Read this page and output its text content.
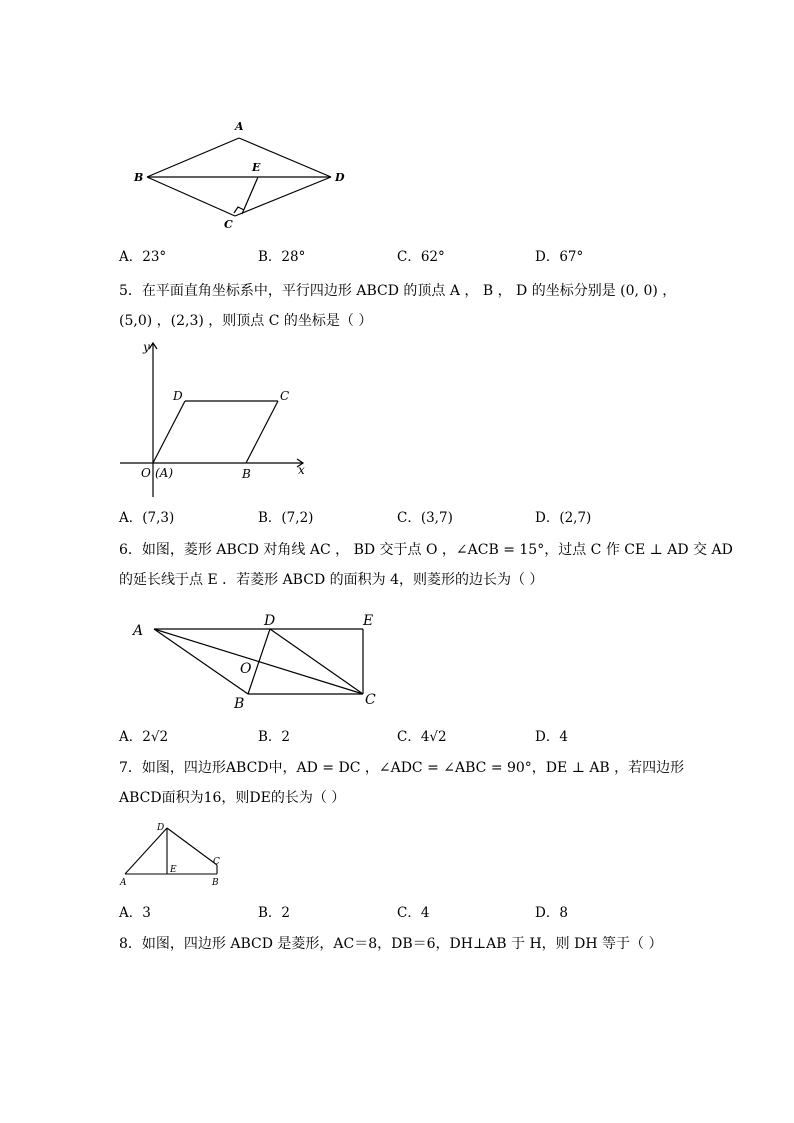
A
B
E
D
C
A．23°	B．28°	C．62°	D．67°
5．在平面直角坐标系中，平行四边形 ABCD 的顶点 A ， B ， D 的坐标分别是 (0, 0) ，
(5,0) ，(2,3) ，则顶点 C 的坐标是（ ）
y
x
D	C
O (A)	B
A．(7,3)	B．(7,2)	C．(3,7)	D．(2,7)
6．如图，菱形 ABCD 对角线 AC ， BD 交于点 O ，∠ACB = 15°，过点 C 作 CE ⊥ AD 交 AD
的延长线于点 E ．若菱形 ABCD 的面积为 4，则菱形的边长为（ ）
A
D	E
O
B	C
A．2√2	B．2	C．4√2	D．4
7．如图，四边形ABCD中，AD = DC ，∠ADC = ∠ABC = 90°，DE ⊥ AB ，若四边形
ABCD面积为16，则DE的长为（ ）
D
C
A
E
B
A．3	B．2	C．4	D．8
8．如图，四边形 ABCD 是菱形，AC＝8，DB＝6，DH⊥AB 于 H，则 DH 等于（ ）
